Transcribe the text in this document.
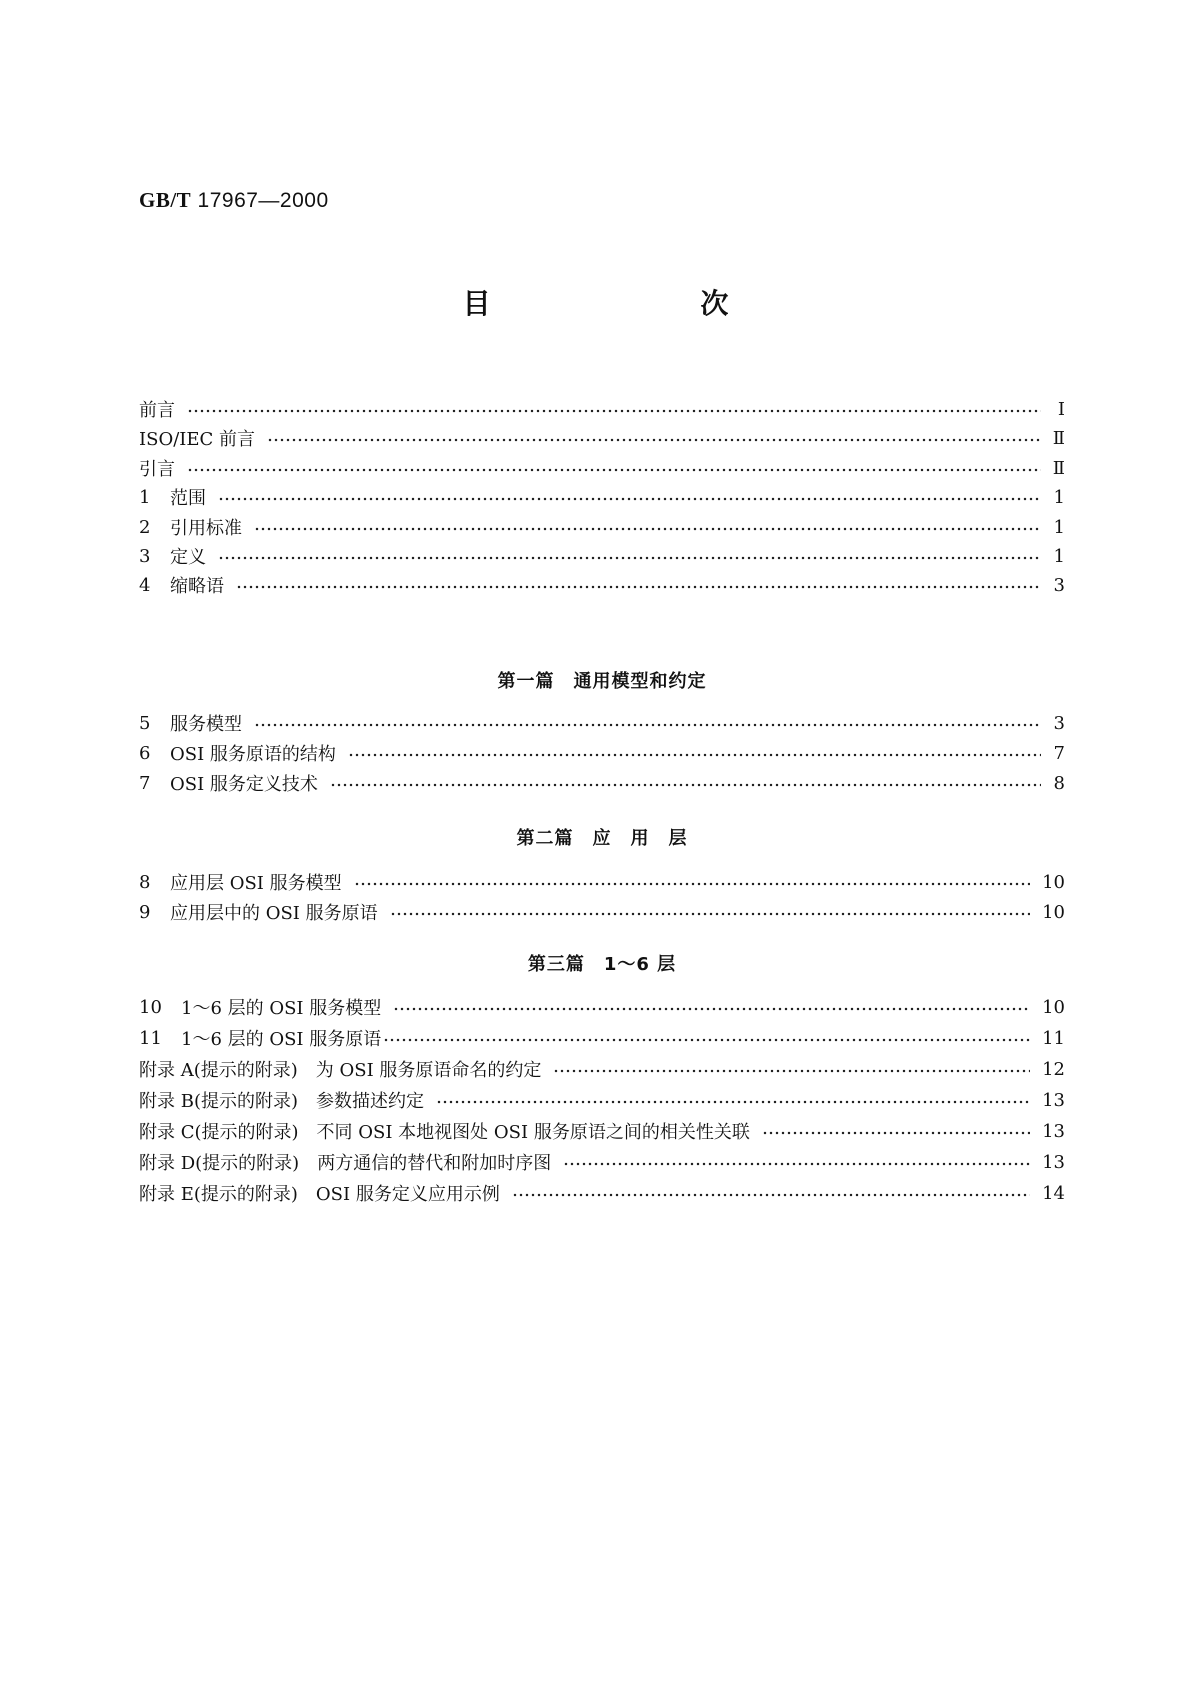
GB/T 17967—2000
目 次
前言	Ⅰ
ISO/IEC 前言	Ⅱ
引言	Ⅱ
1	范围	1
2	引用标准	1
3	定义	1
4	缩略语	3
第一篇　通用模型和约定
5	服务模型	3
6	OSI 服务原语的结构	7
7	OSI 服务定义技术	8
第二篇　应　用　层
8	应用层 OSI 服务模型	10
9	应用层中的 OSI 服务原语	10
第三篇　1～6 层
10	1～6 层的 OSI 服务模型	10
11	1～6 层的 OSI 服务原语	11
附录 A(提示的附录)　为 OSI 服务原语命名的约定	12
附录 B(提示的附录)　参数描述约定	13
附录 C(提示的附录)　不同 OSI 本地视图处 OSI 服务原语之间的相关性关联	13
附录 D(提示的附录)　两方通信的替代和附加时序图	13
附录 E(提示的附录)　OSI 服务定义应用示例	14
